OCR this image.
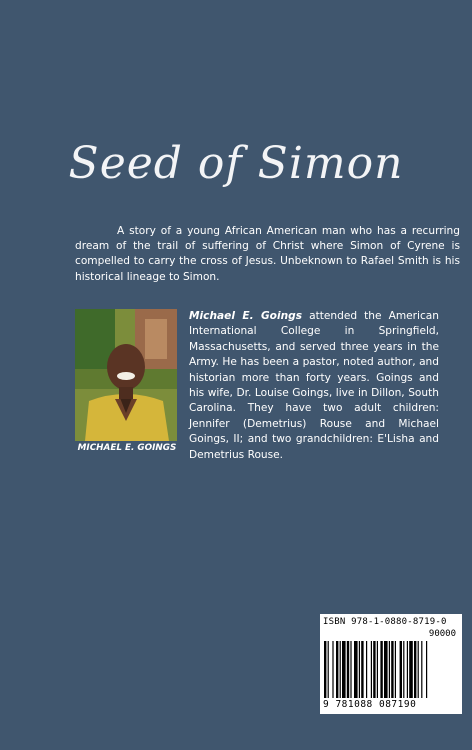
Seed of Simon

A story of a young African American man who has a recurring dream of the trail of suffering of Christ where Simon of Cyrene is compelled to carry the cross of Jesus. Unbeknown to Rafael Smith is his historical lineage to Simon.

MICHAEL E. GOINGS

Michael E. Goings attended the American International College in Springfield, Massachusetts, and served three years in the Army. He has been a pastor, noted author, and historian more than forty years. Goings and his wife, Dr. Louise Goings, live in Dillon, South Carolina. They have two adult children: Jennifer (Demetrius) Rouse and Michael Goings, II; and two grandchildren: E'Lisha and Demetrius Rouse.

ISBN 978-1-0880-8719-0
90000
9 781088 087190
